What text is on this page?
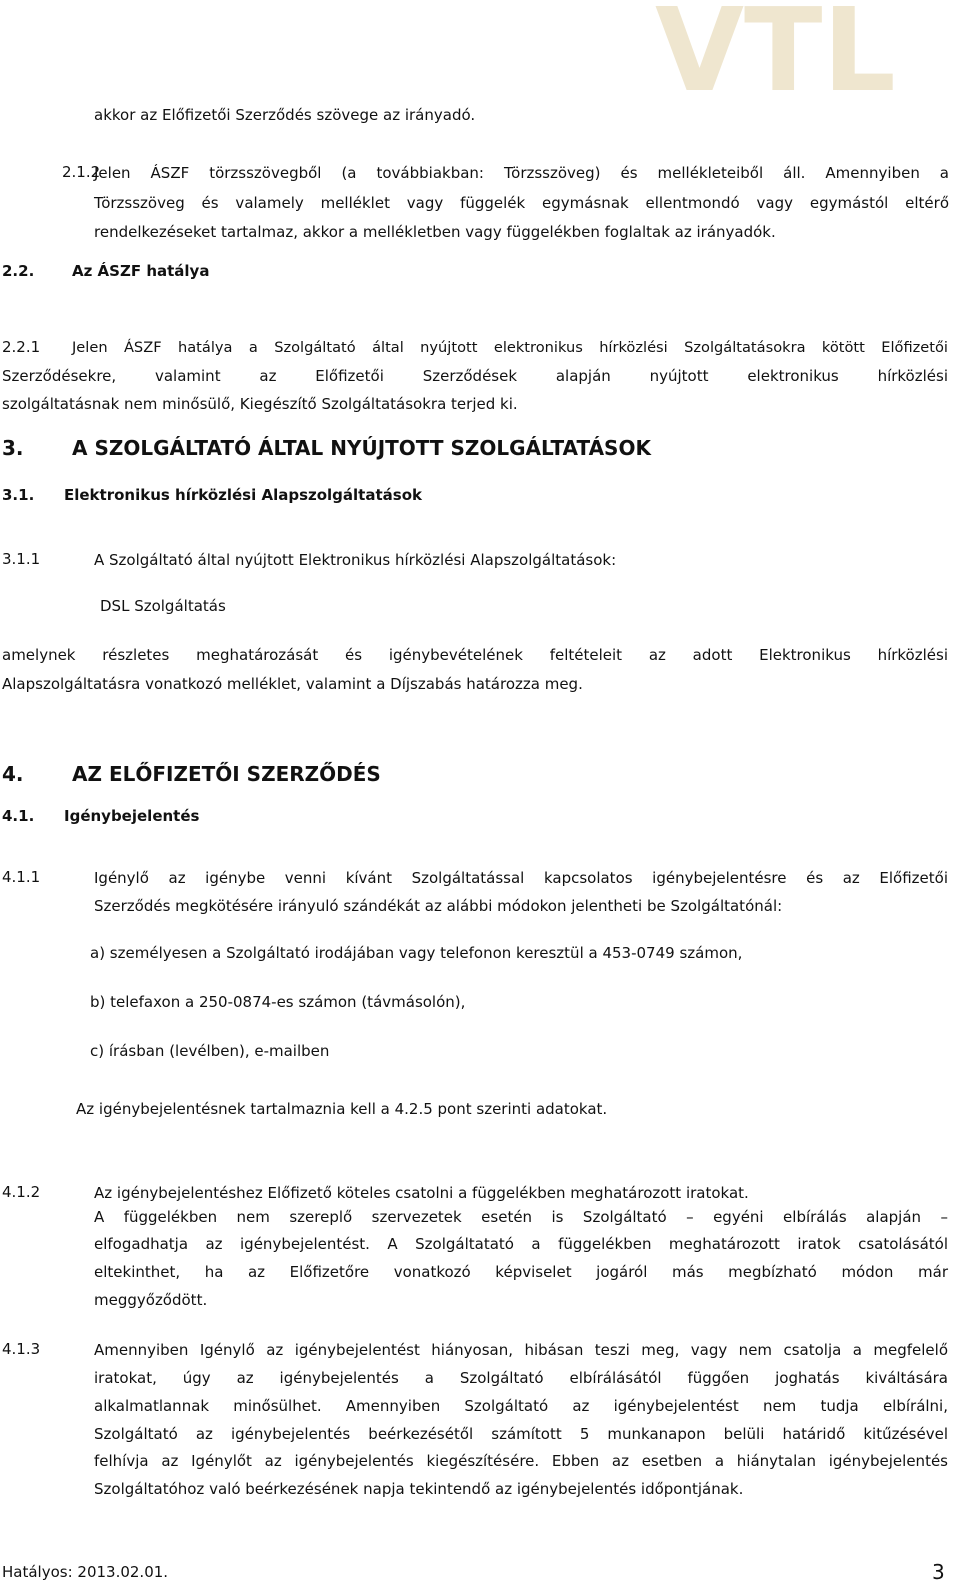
VTL
akkor az Előfizetői Szerződés szövege az irányadó.
2.1.2
Jelen ÁSZF törzsszövegből (a továbbiakban: Törzsszöveg) és mellékleteiből áll. Amennyiben a
Törzsszöveg és valamely melléklet vagy függelék egymásnak ellentmondó vagy egymástól eltérő
rendelkezéseket tartalmaz, akkor a mellékletben vagy függelékben foglaltak az irányadók.
2.2.	Az ÁSZF hatálya
2.2.1 Jelen ÁSZF hatálya a Szolgáltató által nyújtott elektronikus hírközlési Szolgáltatásokra kötött Előfizetői
Szerződésekre, valamint az Előfizetői Szerződések alapján nyújtott elektronikus hírközlési
szolgáltatásnak nem minősülő, Kiegészítő Szolgáltatásokra terjed ki.
3. A SZOLGÁLTATÓ ÁLTAL NYÚJTOTT SZOLGÁLTATÁSOK
3.1. Elektronikus hírközlési Alapszolgáltatások
3.1.1	A Szolgáltató által nyújtott Elektronikus hírközlési Alapszolgáltatások:
DSL Szolgáltatás
amelynek részletes meghatározását és igénybevételének feltételeit az adott Elektronikus hírközlési
Alapszolgáltatásra vonatkozó melléklet, valamint a Díjszabás határozza meg.
4. AZ ELŐFIZETŐI SZERZŐDÉS
4.1. Igénybejelentés
4.1.1	Igénylő az igénybe venni kívánt Szolgáltatással kapcsolatos igénybejelentésre és az Előfizetői
Szerződés megkötésére irányuló szándékát az alábbi módokon jelentheti be Szolgáltatónál:
a) személyesen a Szolgáltató irodájában vagy telefonon keresztül a 453-0749 számon,
b) telefaxon a 250-0874-es számon (távmásolón),
c) írásban (levélben), e-mailben
Az igénybejelentésnek tartalmaznia kell a 4.2.5 pont szerinti adatokat.
4.1.2	Az igénybejelentéshez Előfizető köteles csatolni a függelékben meghatározott iratokat.
A függelékben nem szereplő szervezetek esetén is Szolgáltató – egyéni elbírálás alapján –
elfogadhatja az igénybejelentést. A Szolgáltatató a függelékben meghatározott iratok csatolásától
eltekinthet, ha az Előfizetőre vonatkozó képviselet jogáról más megbízható módon már
meggyőződött.
4.1.3	Amennyiben Igénylő az igénybejelentést hiányosan, hibásan teszi meg, vagy nem csatolja a megfelelő
iratokat, úgy az igénybejelentés a Szolgáltató elbírálásától függően joghatás kiváltására
alkalmatlannak minősülhet. Amennyiben Szolgáltató az igénybejelentést nem tudja elbírálni,
Szolgáltató az igénybejelentés beérkezésétől számított 5 munkanapon belüli határidő kitűzésével
felhívja az Igénylőt az igénybejelentés kiegészítésére. Ebben az esetben a hiánytalan igénybejelentés
Szolgáltatóhoz való beérkezésének napja tekintendő az igénybejelentés időpontjának.
Hatályos: 2013.02.01.	3
